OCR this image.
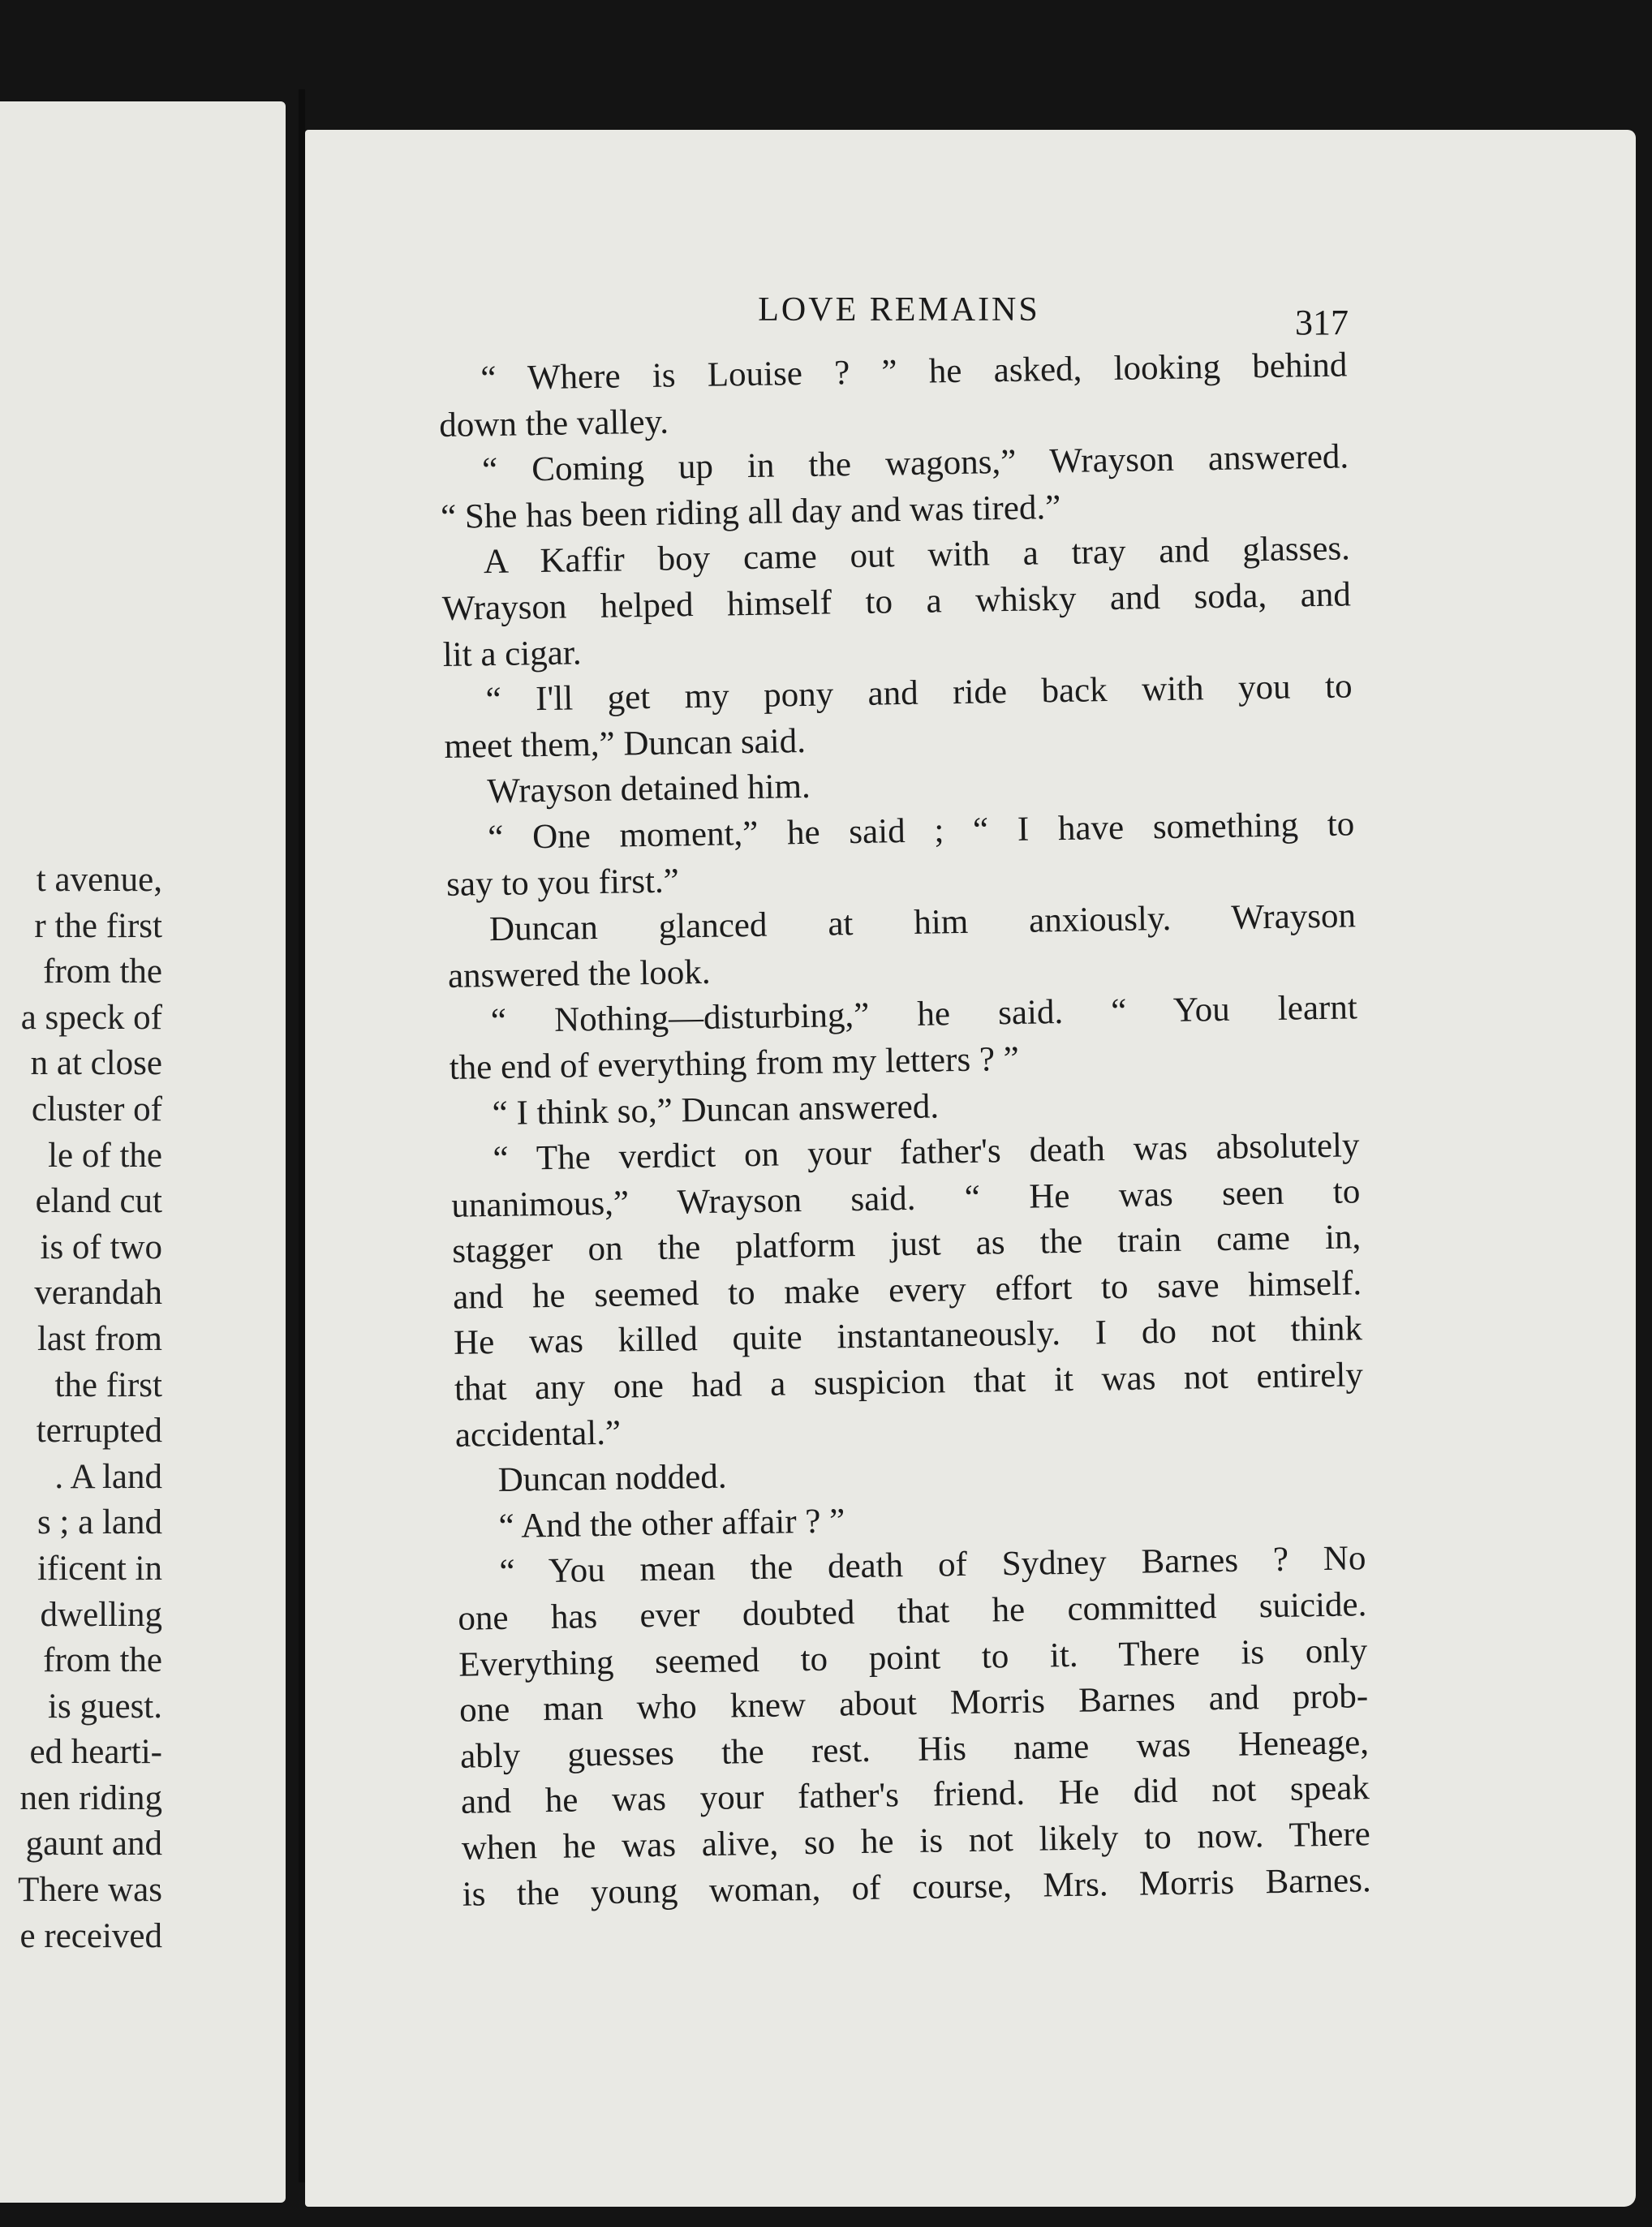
t avenue,
r the first
from the
a speck of
n at close
cluster of
le of the
eland cut
is of two
verandah
last from
the first
terrupted
. A land
s ; a land
ificent in
dwelling
from the
is guest.
ed hearti-
nen riding
gaunt and
There was
e received
LOVE REMAINS	317
“ Where is Louise ? ” he asked, looking behind
down the valley.
“ Coming up in the wagons,” Wrayson answered.
“ She has been riding all day and was tired.”
A Kaffir boy came out with a tray and glasses.
Wrayson helped himself to a whisky and soda, and
lit a cigar.
“ I'll get my pony and ride back with you to
meet them,” Duncan said.
Wrayson detained him.
“ One moment,” he said ; “ I have something to
say to you first.”
Duncan glanced at him anxiously. Wrayson
answered the look.
“ Nothing—disturbing,” he said. “ You learnt
the end of everything from my letters ? ”
“ I think so,” Duncan answered.
“ The verdict on your father's death was absolutely
unanimous,” Wrayson said. “ He was seen to
stagger on the platform just as the train came in,
and he seemed to make every effort to save himself.
He was killed quite instantaneously. I do not think
that any one had a suspicion that it was not entirely
accidental.”
Duncan nodded.
“ And the other affair ? ”
“ You mean the death of Sydney Barnes ? No
one has ever doubted that he committed suicide.
Everything seemed to point to it. There is only
one man who knew about Morris Barnes and prob-
ably guesses the rest. His name was Heneage,
and he was your father's friend. He did not speak
when he was alive, so he is not likely to now. There
is the young woman, of course, Mrs. Morris Barnes.
